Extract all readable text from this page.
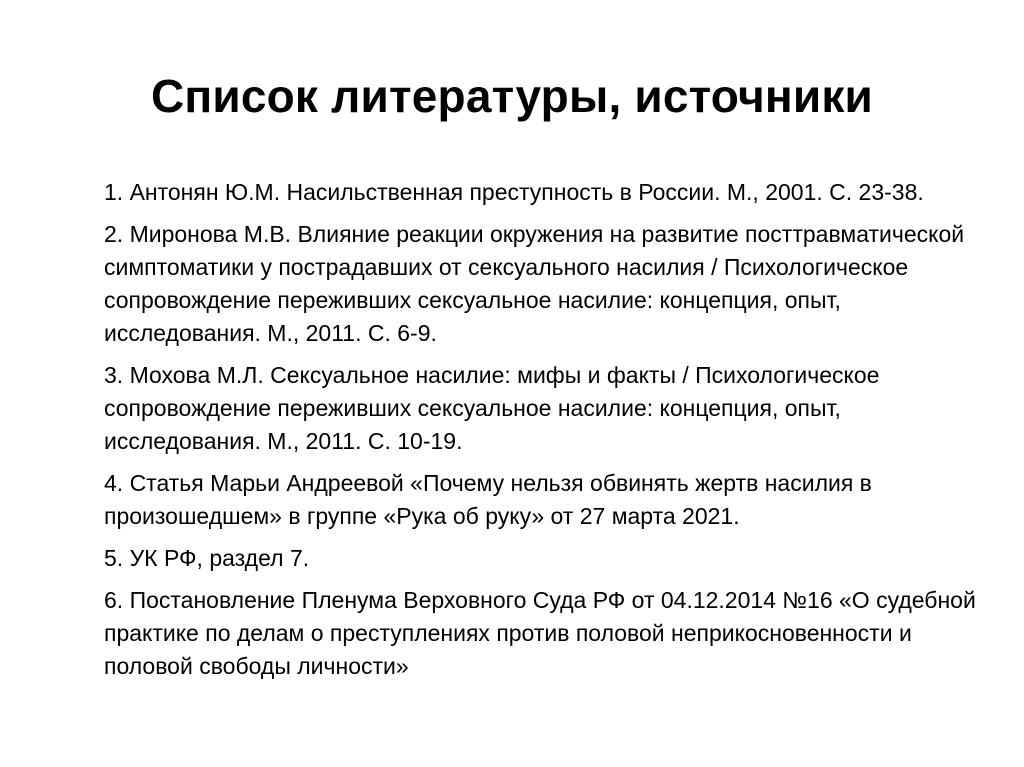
Список литературы, источники
1. Антонян Ю.М. Насильственная преступность в России. М., 2001. С. 23-38.
2. Миронова М.В. Влияние реакции окружения на развитие посттравматической симптоматики у пострадавших от сексуального насилия / Психологическое сопровождение переживших сексуальное насилие: концепция, опыт, исследования. М., 2011. С. 6-9.
3. Мохова М.Л. Сексуальное насилие: мифы и факты / Психологическое сопровождение переживших сексуальное насилие: концепция, опыт, исследования. М., 2011. С. 10-19.
4. Статья Марьи Андреевой «Почему нельзя обвинять жертв насилия в произошедшем» в группе «Рука об руку» от 27 марта 2021.
5. УК РФ, раздел 7.
6. Постановление Пленума Верховного Суда РФ от 04.12.2014 №16 «О судебной практике по делам о преступлениях против половой неприкосновенности и половой свободы личности»
